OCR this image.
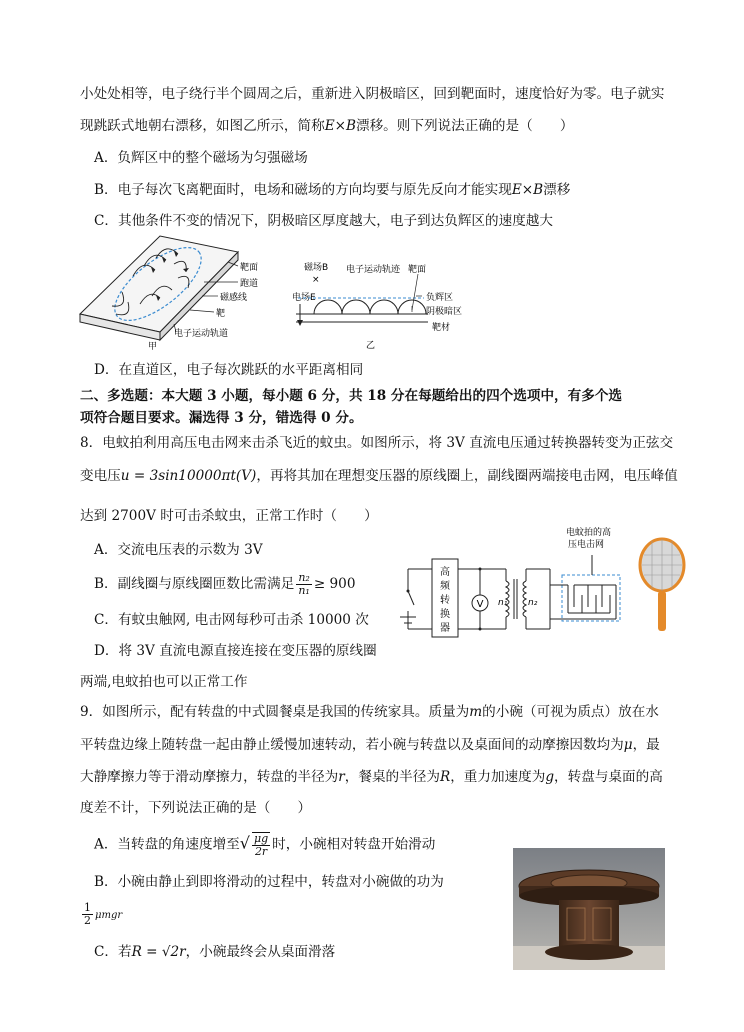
小处处相等，电子绕行半个圆周之后，重新进入阴极暗区，回到靶面时，速度恰好为零。电子就实
现跳跃式地朝右漂移，如图乙所示，简称E×B漂移。则下列说法正确的是（　　）
A．负辉区中的整个磁场为匀强磁场
B．电子每次飞离靶面时，电场和磁场的方向均要与原先反向才能实现E×B漂移
C．其他条件不变的情况下，阴极暗区厚度越大，电子到达负辉区的速度越大
靶面
跑道
磁感线
靶
电子运动轨道
甲
磁场B
×
电子运动轨迹 靶面
电场E	负辉区
阴极暗区
靶材
乙
D．在直道区，电子每次跳跃的水平距离相同
二、多选题：本大题 3 小题，每小题 6 分，共 18 分在每题给出的四个选项中，有多个选
项符合题目要求。漏选得 3 分，错选得 0 分。
8．电蚊拍利用高压电击网来击杀飞近的蚊虫。如图所示，将 3V 直流电压通过转换器转变为正弦交
变电压u = 3sin10000πt(V)，再将其加在理想变压器的原线圈上，副线圈两端接电击网，电压峰值
达到 2700V 时可击杀蚊虫，正常工作时（　　）
A．交流电压表的示数为 3V
B．副线圈与原线圈匝数比需满足 $\frac{\text{n₂}}{\text{n₁}} \ge 900$
C．有蚊虫触网, 电击网每秒可击杀 10000 次
D．将 3V 直流电源直接连接在变压器的原线圈
两端,电蚊拍也可以正常工作
高
频
转
换
器
V n₁ n₂
电蚊拍的高
压电击网
9．如图所示，配有转盘的中式圆餐桌是我国的传统家具。质量为m的小碗（可视为质点）放在水
平转盘边缘上随转盘一起由静止缓慢加速转动，若小碗与转盘以及桌面间的动摩擦因数均为μ，最
大静摩擦力等于滑动摩擦力，转盘的半径为r，餐桌的半径为R，重力加速度为g，转盘与桌面的高
度差不计，下列说法正确的是（　　）
A．当转盘的角速度增至√ $\frac{\mu g}{2r}$ 时，小碗相对转盘开始滑动
B．小碗由静止到即将滑动的过程中，转盘对小碗做的功为
$\frac{1}{2}$ μmgr
C．若R = √2r，小碗最终会从桌面滑落
